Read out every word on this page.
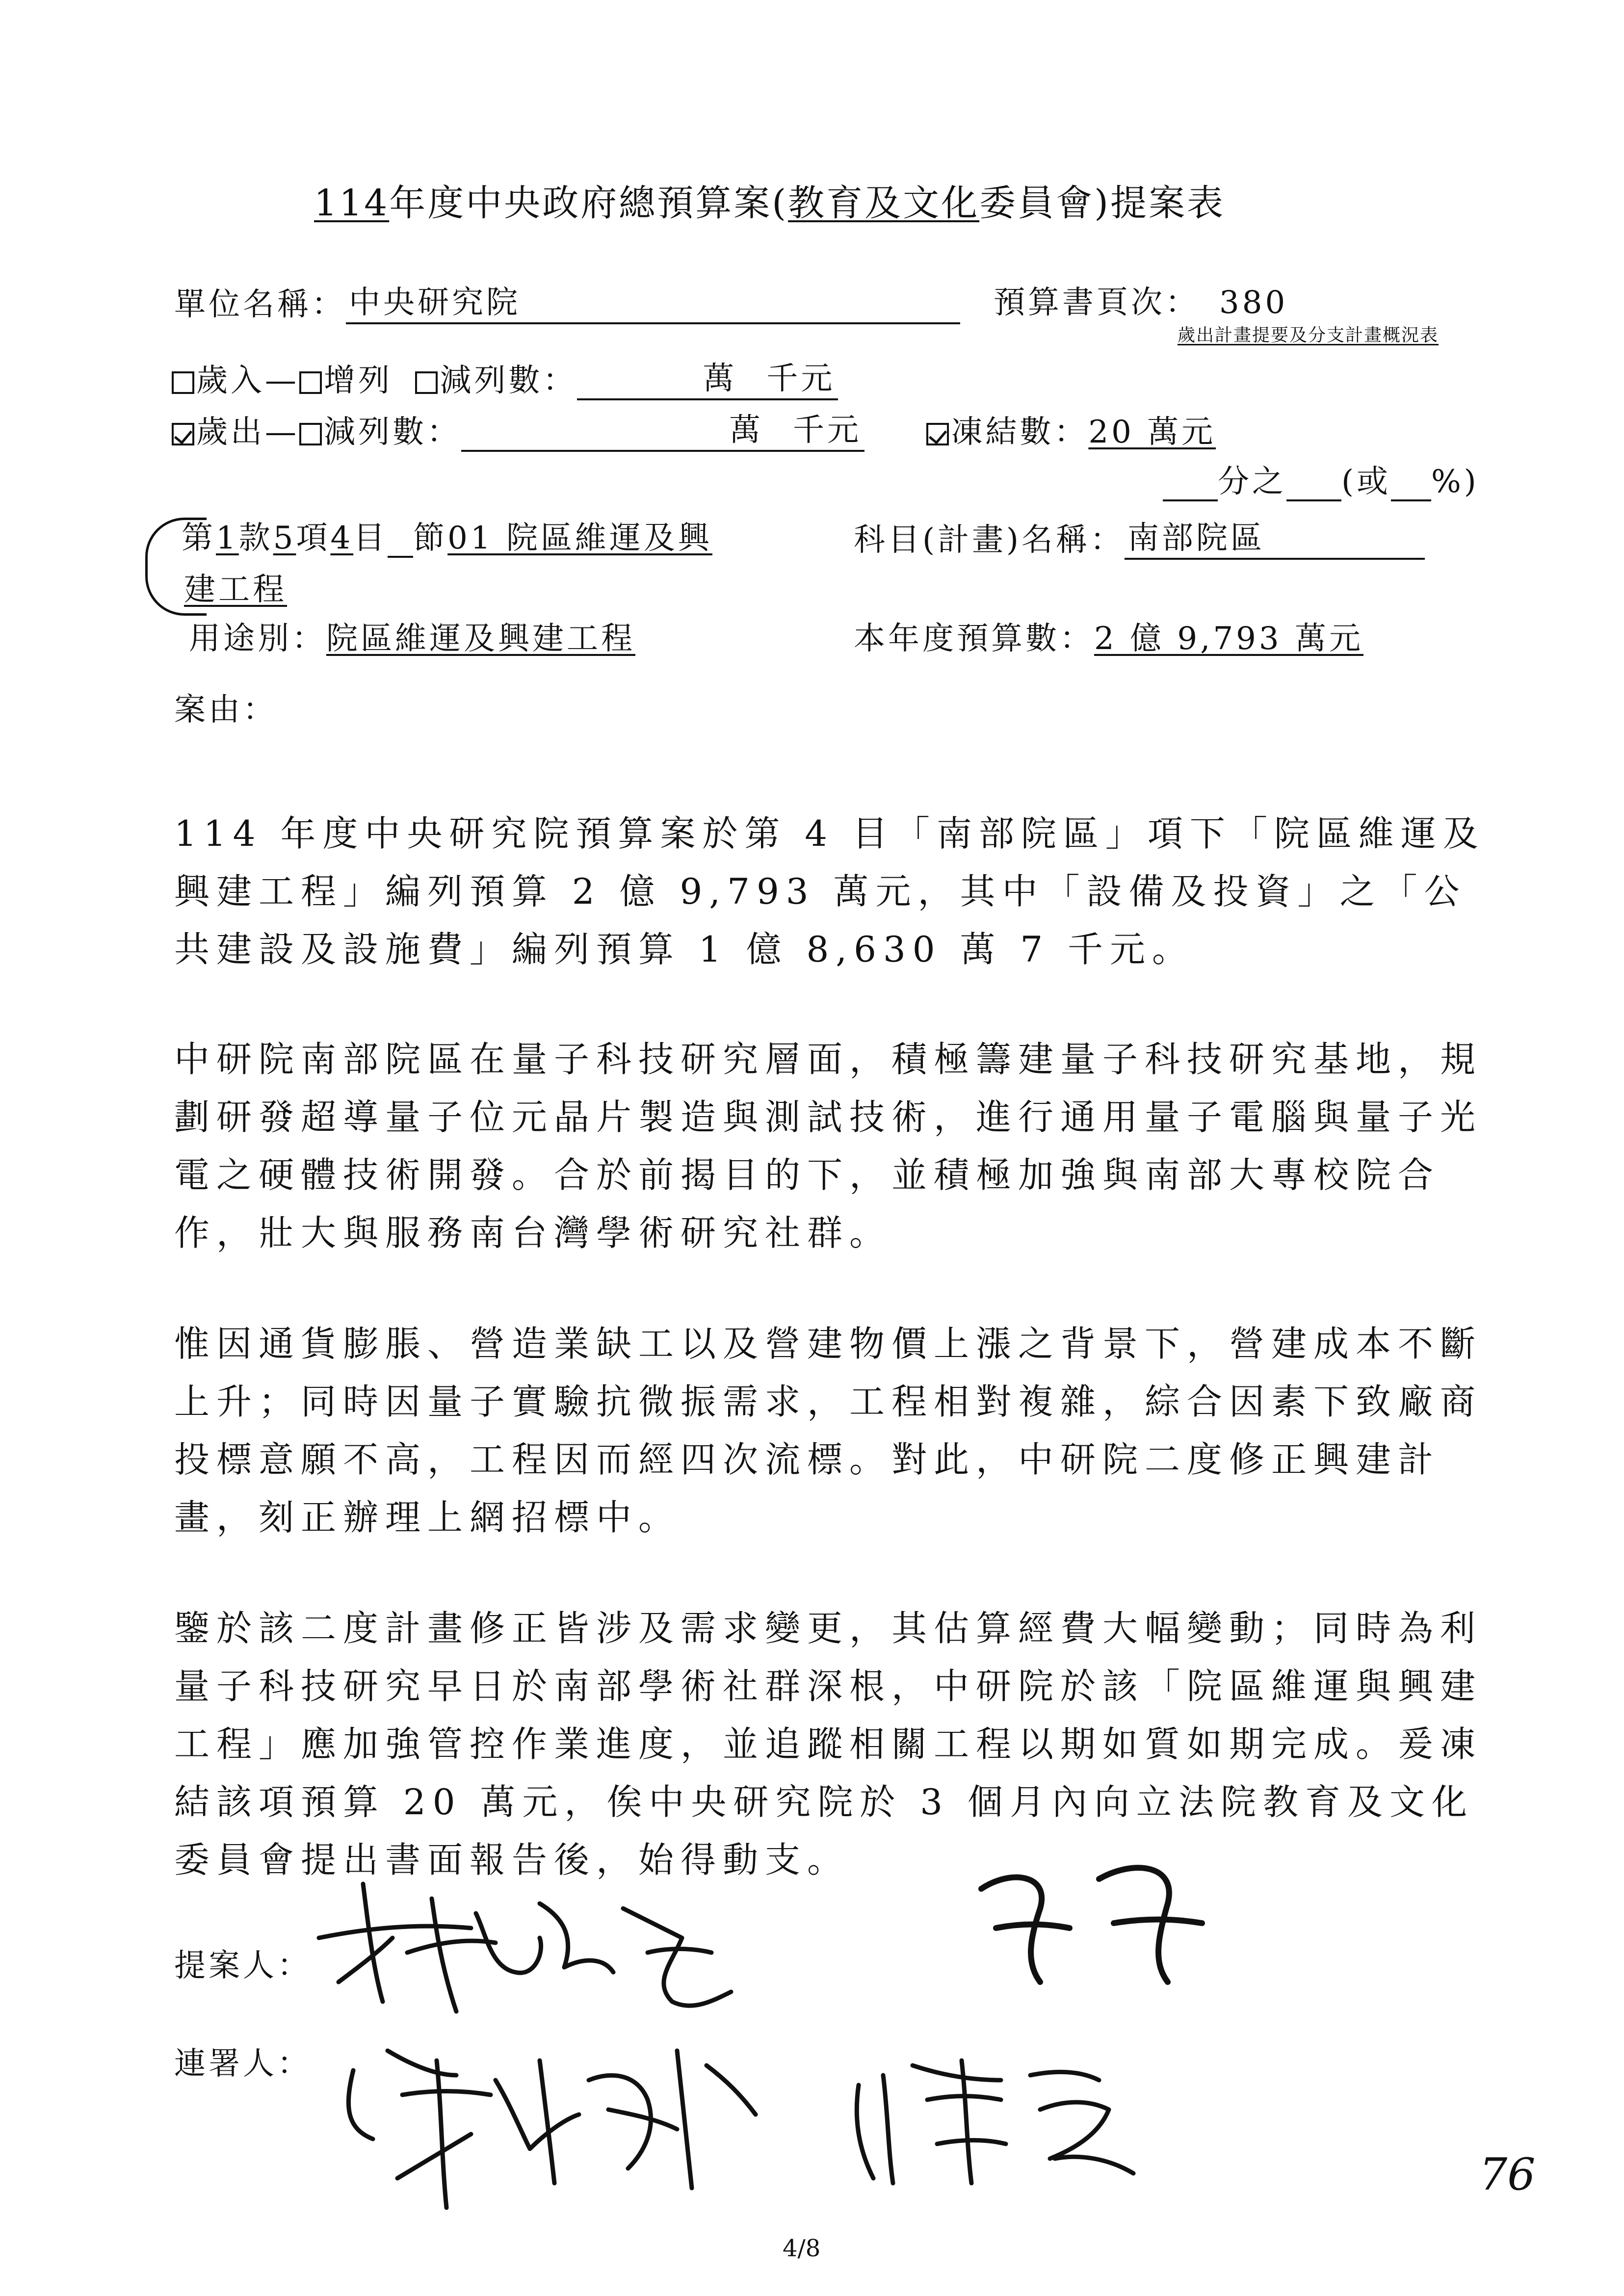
114年度中央政府總預算案(教育及文化委員會)提案表
單位名稱：中央研究院	預算書頁次： 380
歲出計畫提要及分支計畫概況表
歲入— 增列 減列數：	萬 千元
歲出— 減列數：	萬 千元	凍結數：20 萬元
分之 (或 %)
第1款5項4目 節01 院區維運及興	科目(計畫)名稱：南部院區
建工程
用途別：院區維運及興建工程	本年度預算數：2 億 9,793 萬元
案由：
114 年度中央研究院預算案於第 4 目「南部院區」項下「院區維運及興建工程」編列預算 2 億 9,793 萬元，其中「設備及投資」之「公共建設及設施費」編列預算 1 億 8,630 萬 7 千元。
中研院南部院區在量子科技研究層面，積極籌建量子科技研究基地，規劃研發超導量子位元晶片製造與測試技術，進行通用量子電腦與量子光電之硬體技術開發。合於前揭目的下，並積極加強與南部大專校院合作，壯大與服務南台灣學術研究社群。
惟因通貨膨脹、營造業缺工以及營建物價上漲之背景下，營建成本不斷上升；同時因量子實驗抗微振需求，工程相對複雜，綜合因素下致廠商投標意願不高，工程因而經四次流標。對此，中研院二度修正興建計畫，刻正辦理上網招標中。
鑒於該二度計畫修正皆涉及需求變更，其估算經費大幅變動；同時為利量子科技研究早日於南部學術社群深根，中研院於該「院區維運與興建工程」應加強管控作業進度，並追蹤相關工程以期如質如期完成。爰凍結該項預算 20 萬元，俟中央研究院於 3 個月內向立法院教育及文化委員會提出書面報告後，始得動支。
提案人：
連署人：
76
4/8
